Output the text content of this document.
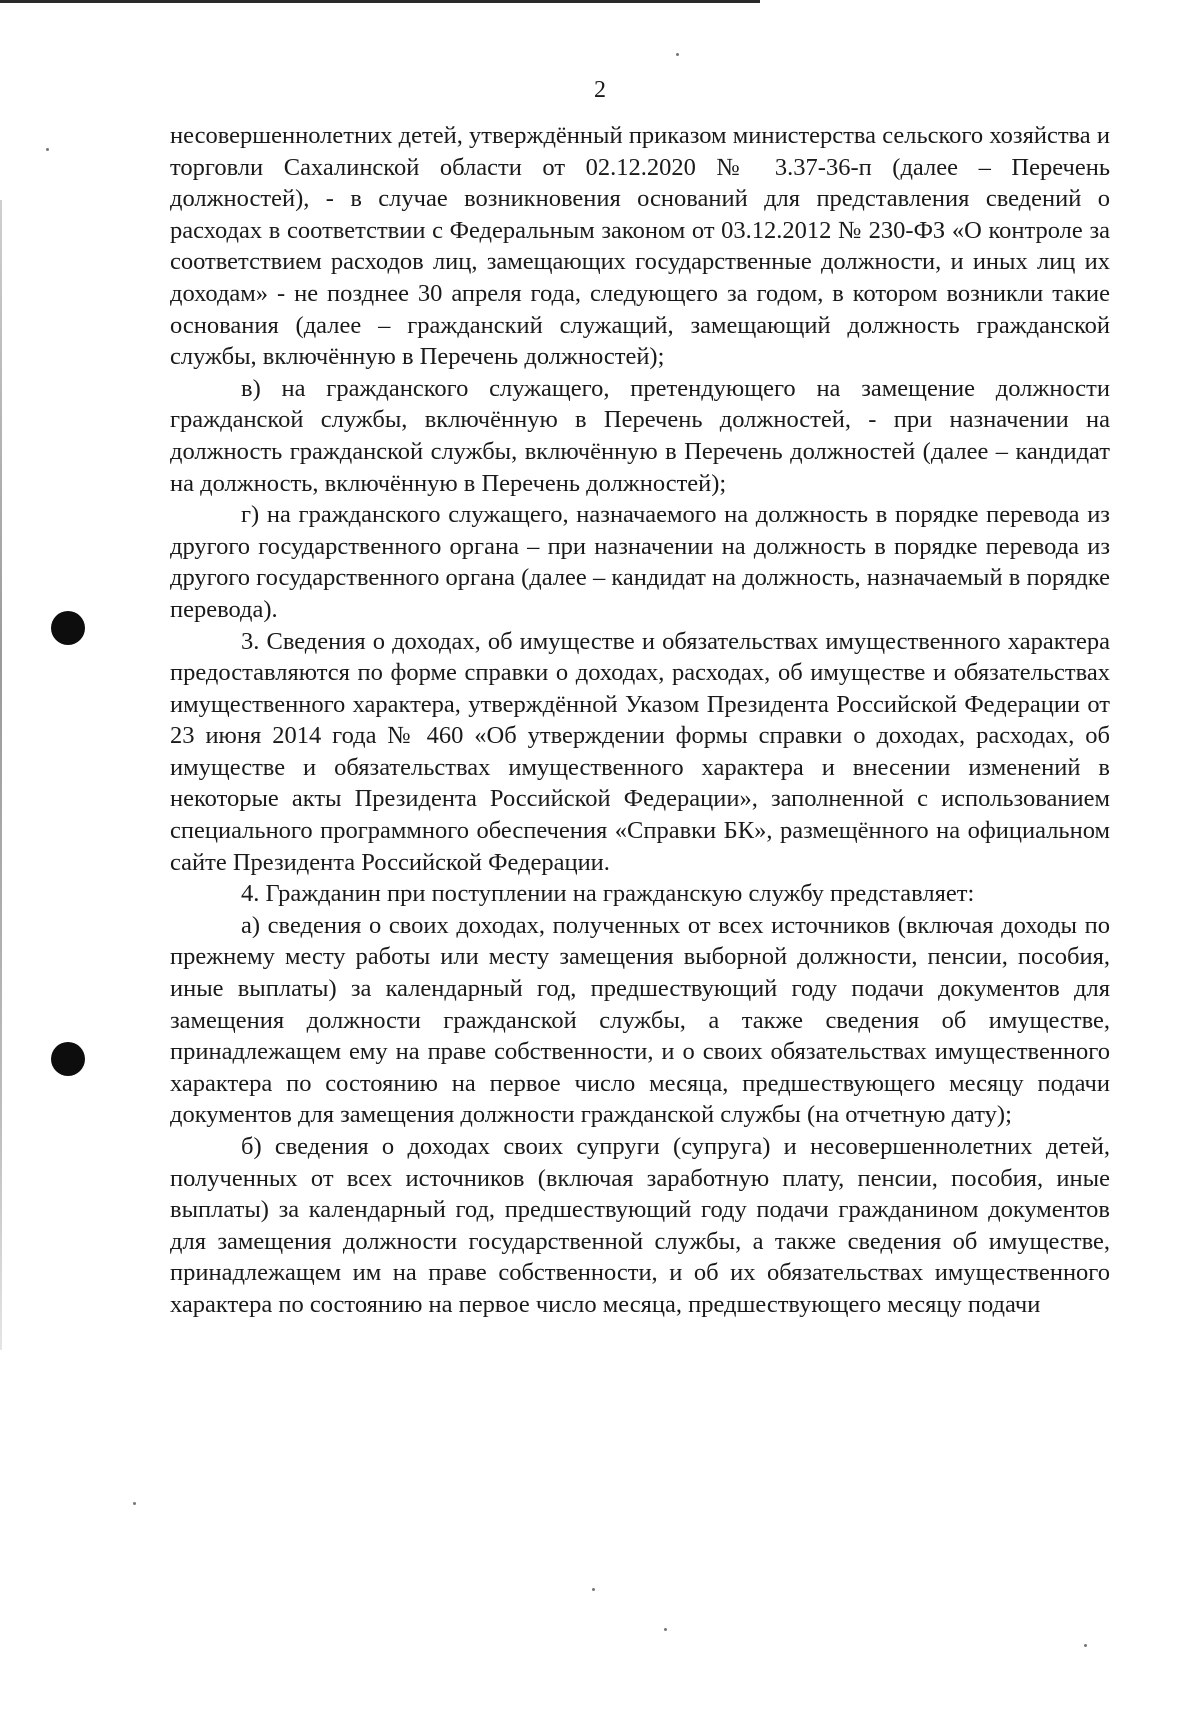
2

несовершеннолетних детей, утверждённый приказом министерства сельского хозяйства и торговли Сахалинской области от 02.12.2020 № 3.37-36-п (далее – Перечень должностей), - в случае возникновения оснований для представления сведений о расходах в соответствии с Федеральным законом от 03.12.2012 № 230-ФЗ «О контроле за соответствием расходов лиц, замещающих государственные должности, и иных лиц их доходам» - не позднее 30 апреля года, следующего за годом, в котором возникли такие основания (далее – гражданский служащий, замещающий должность гражданской службы, включённую в Перечень должностей);

в) на гражданского служащего, претендующего на замещение должности гражданской службы, включённую в Перечень должностей, - при назначении на должность гражданской службы, включённую в Перечень должностей (далее – кандидат на должность, включённую в Перечень должностей);

г) на гражданского служащего, назначаемого на должность в порядке перевода из другого государственного органа – при назначении на должность в порядке перевода из другого государственного органа (далее – кандидат на должность, назначаемый в порядке перевода).

3. Сведения о доходах, об имуществе и обязательствах имущественного характера предоставляются по форме справки о доходах, расходах, об имуществе и обязательствах имущественного характера, утверждённой Указом Президента Российской Федерации от 23 июня 2014 года № 460 «Об утверждении формы справки о доходах, расходах, об имуществе и обязательствах имущественного характера и внесении изменений в некоторые акты Президента Российской Федерации», заполненной с использованием специального программного обеспечения «Справки БК», размещённого на официальном сайте Президента Российской Федерации.

4. Гражданин при поступлении на гражданскую службу представляет:

а) сведения о своих доходах, полученных от всех источников (включая доходы по прежнему месту работы или месту замещения выборной должности, пенсии, пособия, иные выплаты) за календарный год, предшествующий году подачи документов для замещения должности гражданской службы, а также сведения об имуществе, принадлежащем ему на праве собственности, и о своих обязательствах имущественного характера по состоянию на первое число месяца, предшествующего месяцу подачи документов для замещения должности гражданской службы (на отчетную дату);

б) сведения о доходах своих супруги (супруга) и несовершеннолетних детей, полученных от всех источников (включая заработную плату, пенсии, пособия, иные выплаты) за календарный год, предшествующий году подачи гражданином документов для замещения должности государственной службы, а также сведения об имуществе, принадлежащем им на праве собственности, и об их обязательствах имущественного характера по состоянию на первое число месяца, предшествующего месяцу подачи
